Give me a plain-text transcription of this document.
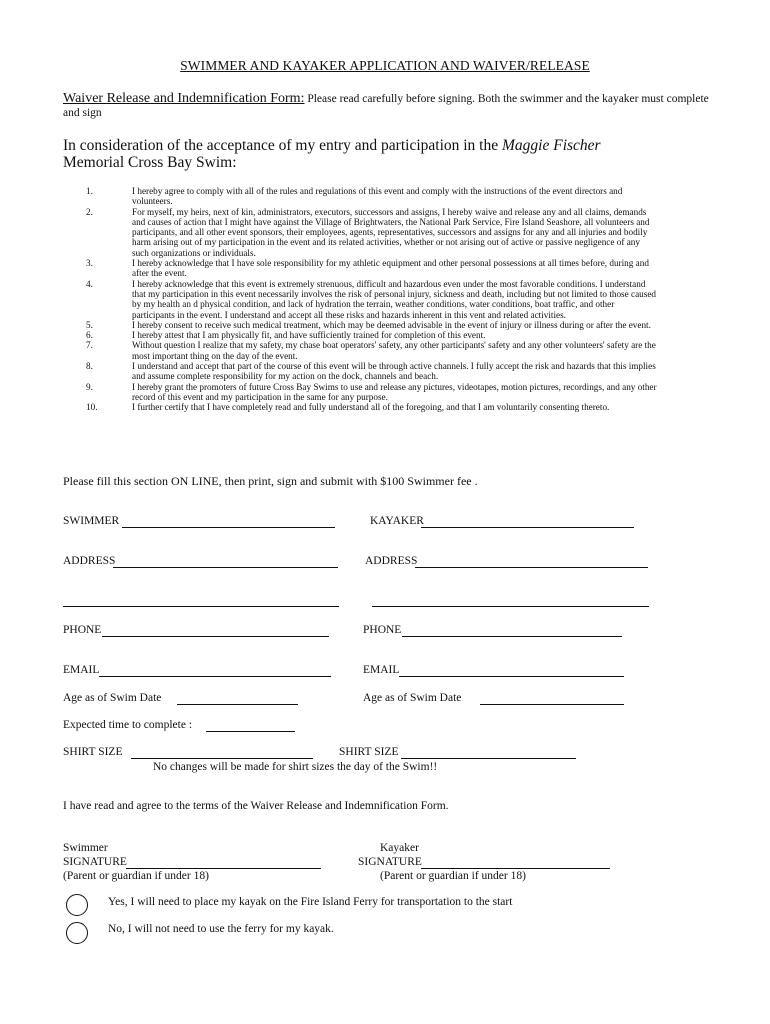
SWIMMER AND KAYAKER APPLICATION AND WAIVER/RELEASE
Waiver Release and Indemnification Form: Please read carefully before signing. Both the swimmer and the kayaker must complete and sign
In consideration of the acceptance of my entry and participation in the Maggie Fischer
Memorial Cross Bay Swim:
1.	I hereby agree to comply with all of the rules and regulations of this event and comply with the instructions of the event directors and volunteers.
2.	For myself, my heirs, next of kin, administrators, executors, successors and assigns, I hereby waive and release any and all claims, demands and causes of action that I might have against the Village of Brightwaters, the National Park Service, Fire Island Seashore, all volunteers and participants, and all other event sponsors, their employees, agents, representatives, successors and assigns for any and all injuries and bodily harm arising out of my participation in the event and its related activities, whether or not arising out of active or passive negligence of any such organizations or individuals.
3.	I hereby acknowledge that I have sole responsibility for my athletic equipment and other personal possessions at all times before, during and after the event.
4.	I hereby acknowledge that this event is extremely strenuous, difficult and hazardous even under the most favorable conditions. I understand that my participation in this event necessarily involves the risk of personal injury, sickness and death, including but not limited to those caused by my health an d physical condition, and lack of hydration the terrain, weather conditions, water conditions, boat traffic, and other participants in the event. I understand and accept all these risks and hazards inherent in this vent and related activities.
5.	I hereby consent to receive such medical treatment, which may be deemed advisable in the event of injury or illness during or after the event.
6.	I hereby attest that I am physically fit, and have sufficiently trained for completion of this event.
7.	Without question I realize that my safety, my chase boat operators' safety, any other participants' safety and any other volunteers' safety are the most important thing on the day of the event.
8.	I understand and accept that part of the course of this event will be through active channels. I fully accept the risk and hazards that this implies and assume complete responsibility for my action on the dock, channels and beach.
9.	I hereby grant the promoters of future Cross Bay Swims to use and release any pictures, videotapes, motion pictures, recordings, and any other record of this event and my participation in the same for any purpose.
10.	I further certify that I have completely read and fully understand all of the foregoing, and that I am voluntarily consenting thereto.
Please fill this section ON LINE, then print, sign and submit with $100 Swimmer fee .
SWIMMER	KAYAKER
ADDRESS	ADDRESS
PHONE	PHONE
EMAIL	EMAIL
Age as of Swim Date	Age as of Swim Date
Expected time to complete :
SHIRT SIZE	SHIRT SIZE
No changes will be made for shirt sizes the day of the Swim!!
I have read and agree to the terms of the Waiver Release and Indemnification Form.
Swimmer
SIGNATURE
(Parent or guardian if under 18)
Kayaker
SIGNATURE
(Parent or guardian if under 18)
Yes, I will need to place my kayak on the Fire Island Ferry for transportation to the start
No, I will not need to use the ferry for my kayak.
